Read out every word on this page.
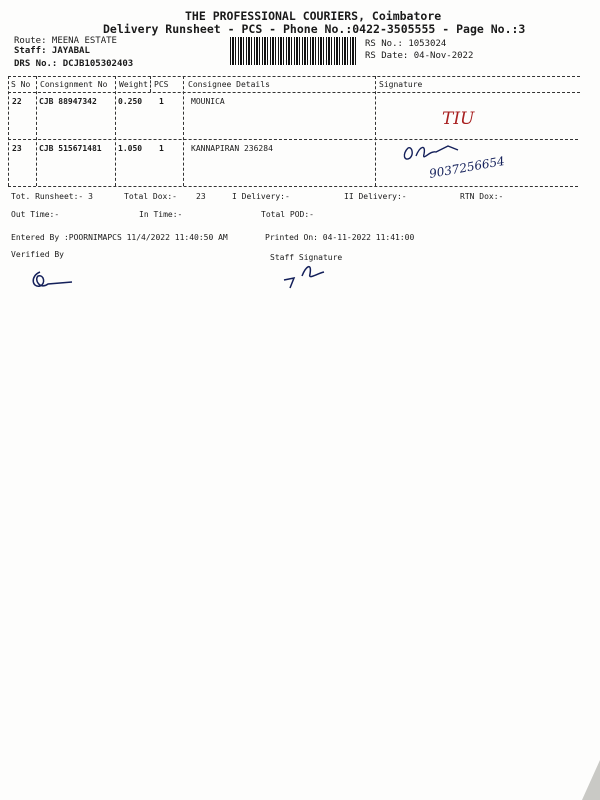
THE PROFESSIONAL COURIERS, Coimbatore
Delivery Runsheet - PCS - Phone No.:0422-3505555 - Page No.:3
Route: MEENA ESTATE
Staff: JAYABAL
DRS No.: DCJB105302403
RS No.: 1053024
RS Date: 04-Nov-2022
S No Consignment No Weight PCS Consignee Details	Signature
22 CJB 88947342	0.250 1	MOUNICA
TIU
23 CJB 515671481 1.050 1	KANNAPIRAN 236284
9037256654
Tot. Runsheet:- 3	Total Dox:- 23	I Delivery:-	II Delivery:-	RTN Dox:-
Out Time:-	In Time:-	Total POD:-
Entered By :POORNIMAPCS 11/4/2022 11:40:50 AM	Printed On: 04-11-2022 11:41:00
Verified By	Staff Signature
